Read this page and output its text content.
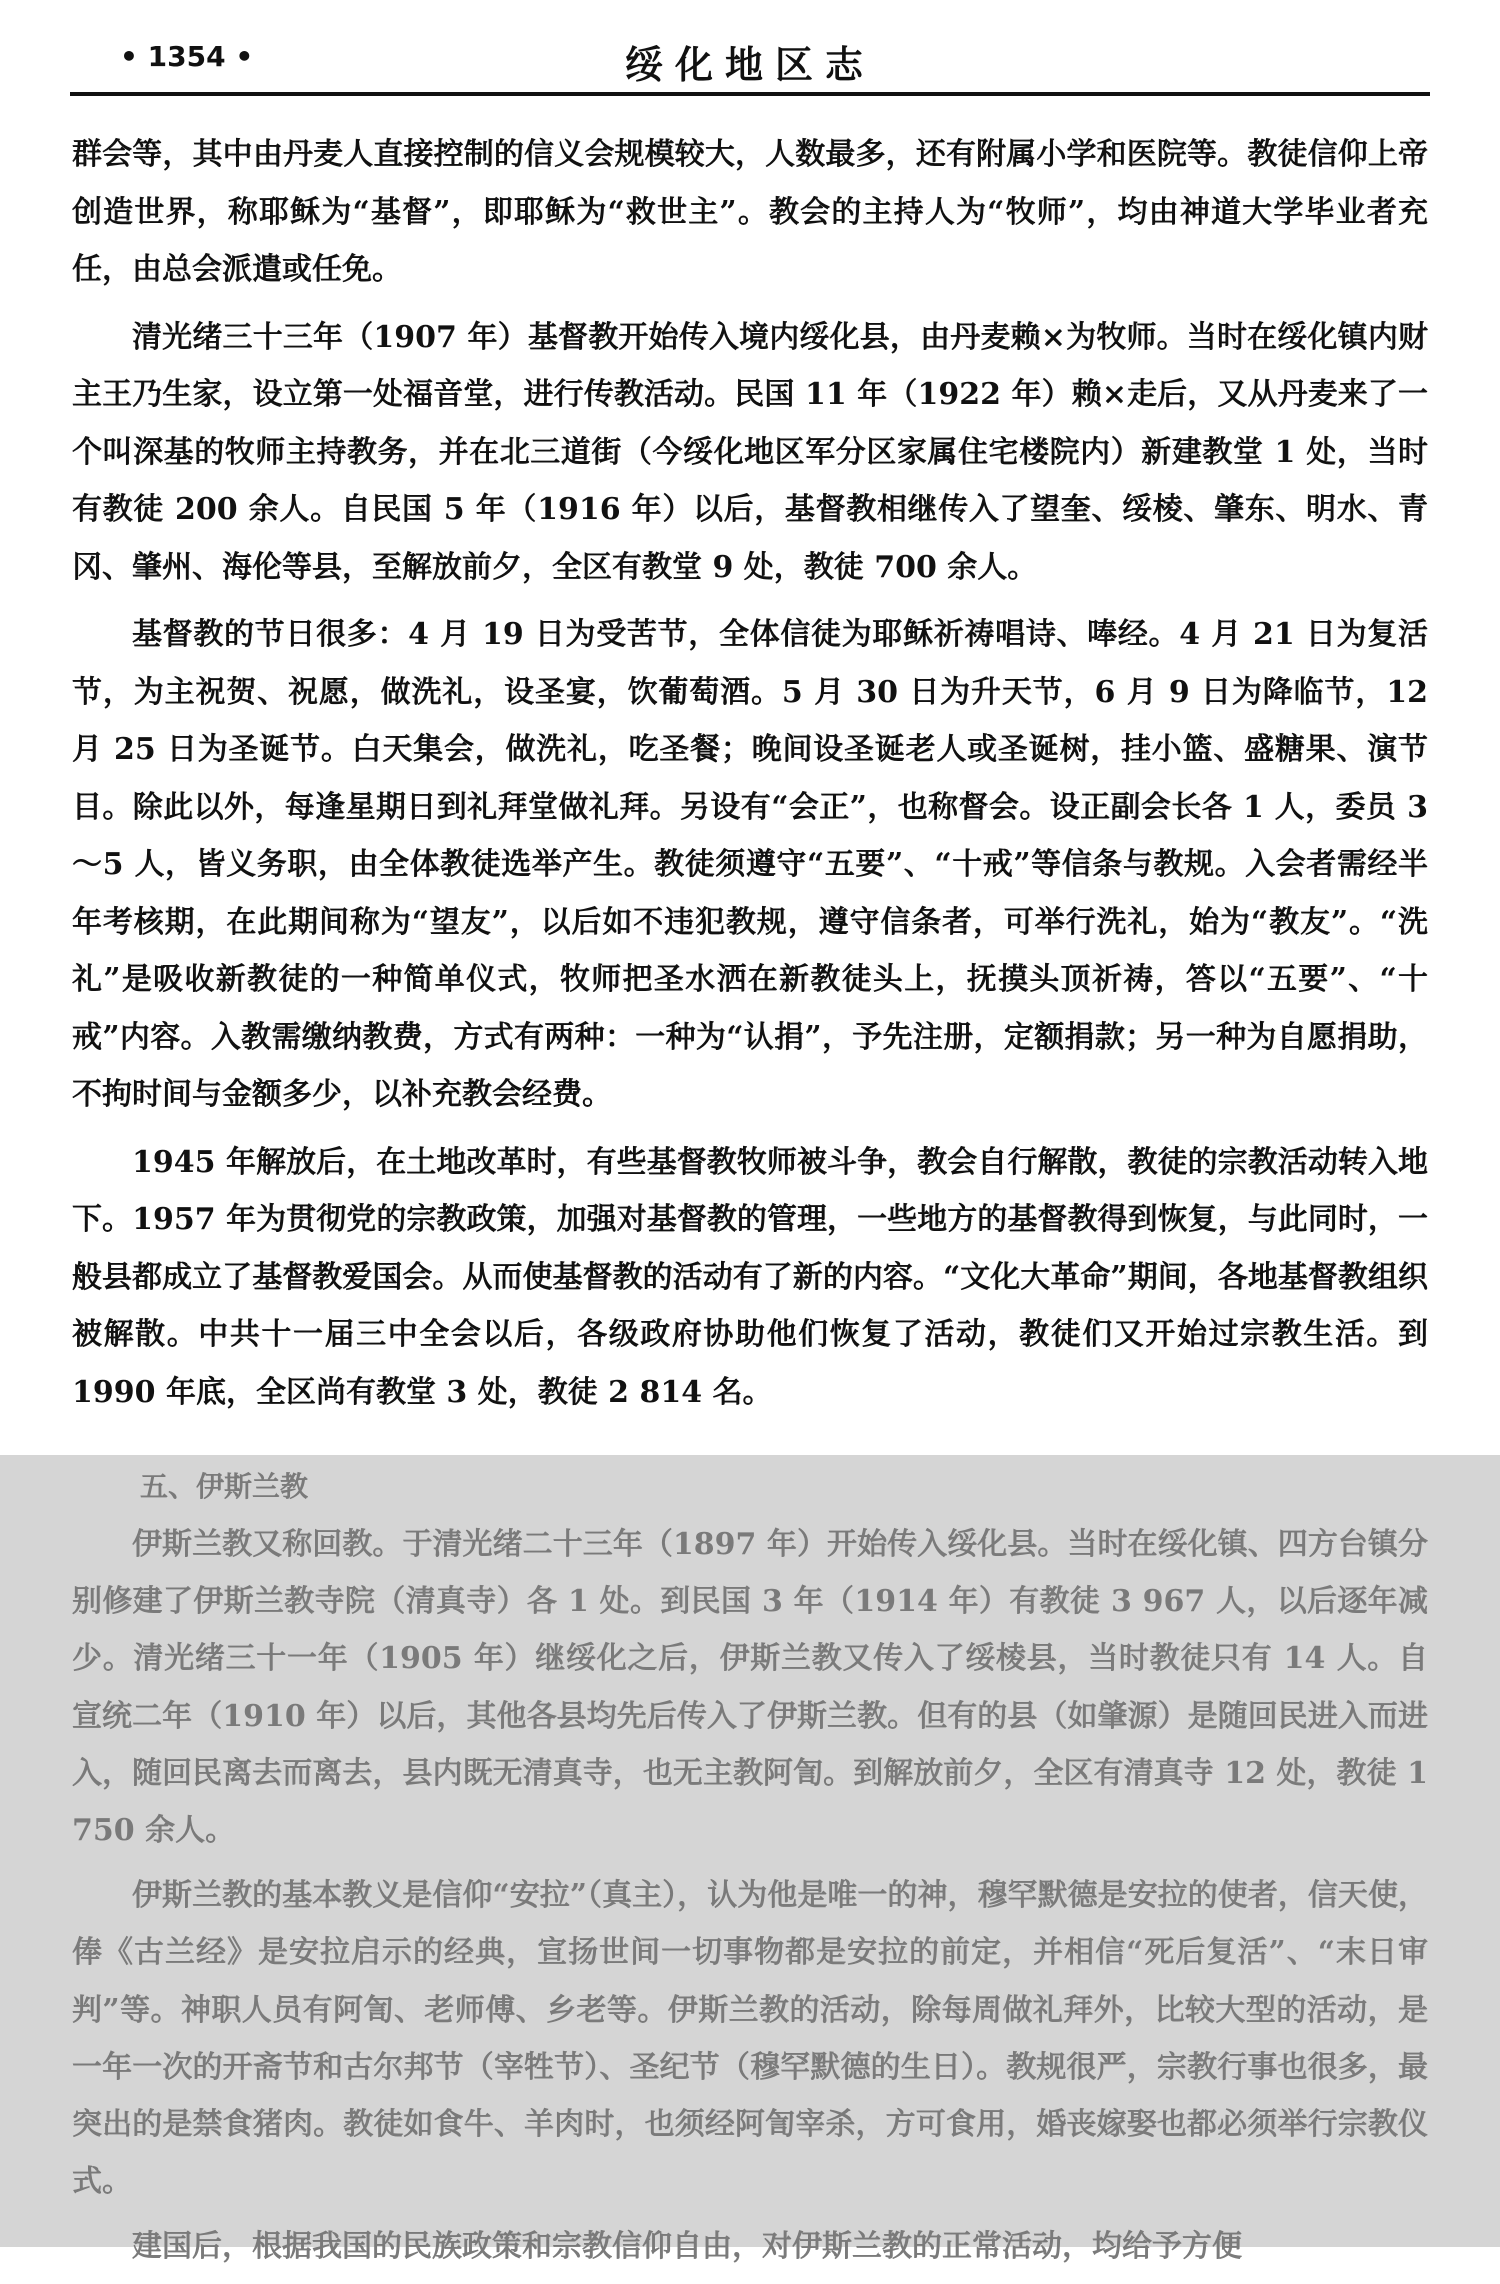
• 1354 •	绥化地区志

群会等，其中由丹麦人直接控制的信义会规模较大，人数最多，还有附属小学和医院等。教徒信仰上帝创造世界，称耶稣为“基督”，即耶稣为“救世主”。教会的主持人为“牧师”，均由神道大学毕业者充任，由总会派遣或任免。

清光绪三十三年（1907 年）基督教开始传入境内绥化县，由丹麦赖×为牧师。当时在绥化镇内财主王乃生家，设立第一处福音堂，进行传教活动。民国 11 年（1922 年）赖×走后，又从丹麦来了一个叫深基的牧师主持教务，并在北三道街（今绥化地区军分区家属住宅楼院内）新建教堂 1 处，当时有教徒 200 余人。自民国 5 年（1916 年）以后，基督教相继传入了望奎、绥棱、肇东、明水、青冈、肇州、海伦等县，至解放前夕，全区有教堂 9 处，教徒 700 余人。

基督教的节日很多：4 月 19 日为受苦节，全体信徒为耶稣祈祷唱诗、唪经。4 月 21 日为复活节，为主祝贺、祝愿，做洗礼，设圣宴，饮葡萄酒。5 月 30 日为升天节，6 月 9 日为降临节，12 月 25 日为圣诞节。白天集会，做洗礼，吃圣餐；晚间设圣诞老人或圣诞树，挂小篮、盛糖果、演节目。除此以外，每逢星期日到礼拜堂做礼拜。另设有“会正”，也称督会。设正副会长各 1 人，委员 3～5 人，皆义务职，由全体教徒选举产生。教徒须遵守“五要”、“十戒”等信条与教规。入会者需经半年考核期，在此期间称为“望友”，以后如不违犯教规，遵守信条者，可举行洗礼，始为“教友”。“洗礼”是吸收新教徒的一种简单仪式，牧师把圣水洒在新教徒头上，抚摸头顶祈祷，答以“五要”、“十戒”内容。入教需缴纳教费，方式有两种：一种为“认捐”，予先注册，定额捐款；另一种为自愿捐助，不拘时间与金额多少，以补充教会经费。

1945 年解放后，在土地改革时，有些基督教牧师被斗争，教会自行解散，教徒的宗教活动转入地下。1957 年为贯彻党的宗教政策，加强对基督教的管理，一些地方的基督教得到恢复，与此同时，一般县都成立了基督教爱国会。从而使基督教的活动有了新的内容。“文化大革命”期间，各地基督教组织被解散。中共十一届三中全会以后，各级政府协助他们恢复了活动，教徒们又开始过宗教生活。到 1990 年底，全区尚有教堂 3 处，教徒 2 814 名。

五、伊斯兰教

伊斯兰教又称回教。于清光绪二十三年（1897 年）开始传入绥化县。当时在绥化镇、四方台镇分别修建了伊斯兰教寺院（清真寺）各 1 处。到民国 3 年（1914 年）有教徒 3 967 人，以后逐年减少。清光绪三十一年（1905 年）继绥化之后，伊斯兰教又传入了绥棱县，当时教徒只有 14 人。自宣统二年（1910 年）以后，其他各县均先后传入了伊斯兰教。但有的县（如肇源）是随回民进入而进入，随回民离去而离去，县内既无清真寺，也无主教阿訇。到解放前夕，全区有清真寺 12 处，教徒 1 750 余人。

伊斯兰教的基本教义是信仰“安拉”（真主），认为他是唯一的神，穆罕默德是安拉的使者，信天使，俸《古兰经》是安拉启示的经典，宣扬世间一切事物都是安拉的前定，并相信“死后复活”、“末日审判”等。神职人员有阿訇、老师傅、乡老等。伊斯兰教的活动，除每周做礼拜外，比较大型的活动，是一年一次的开斋节和古尔邦节（宰牲节）、圣纪节（穆罕默德的生日）。教规很严，宗教行事也很多，最突出的是禁食猪肉。教徒如食牛、羊肉时，也须经阿訇宰杀，方可食用，婚丧嫁娶也都必须举行宗教仪式。

建国后，根据我国的民族政策和宗教信仰自由，对伊斯兰教的正常活动，均给予方便
